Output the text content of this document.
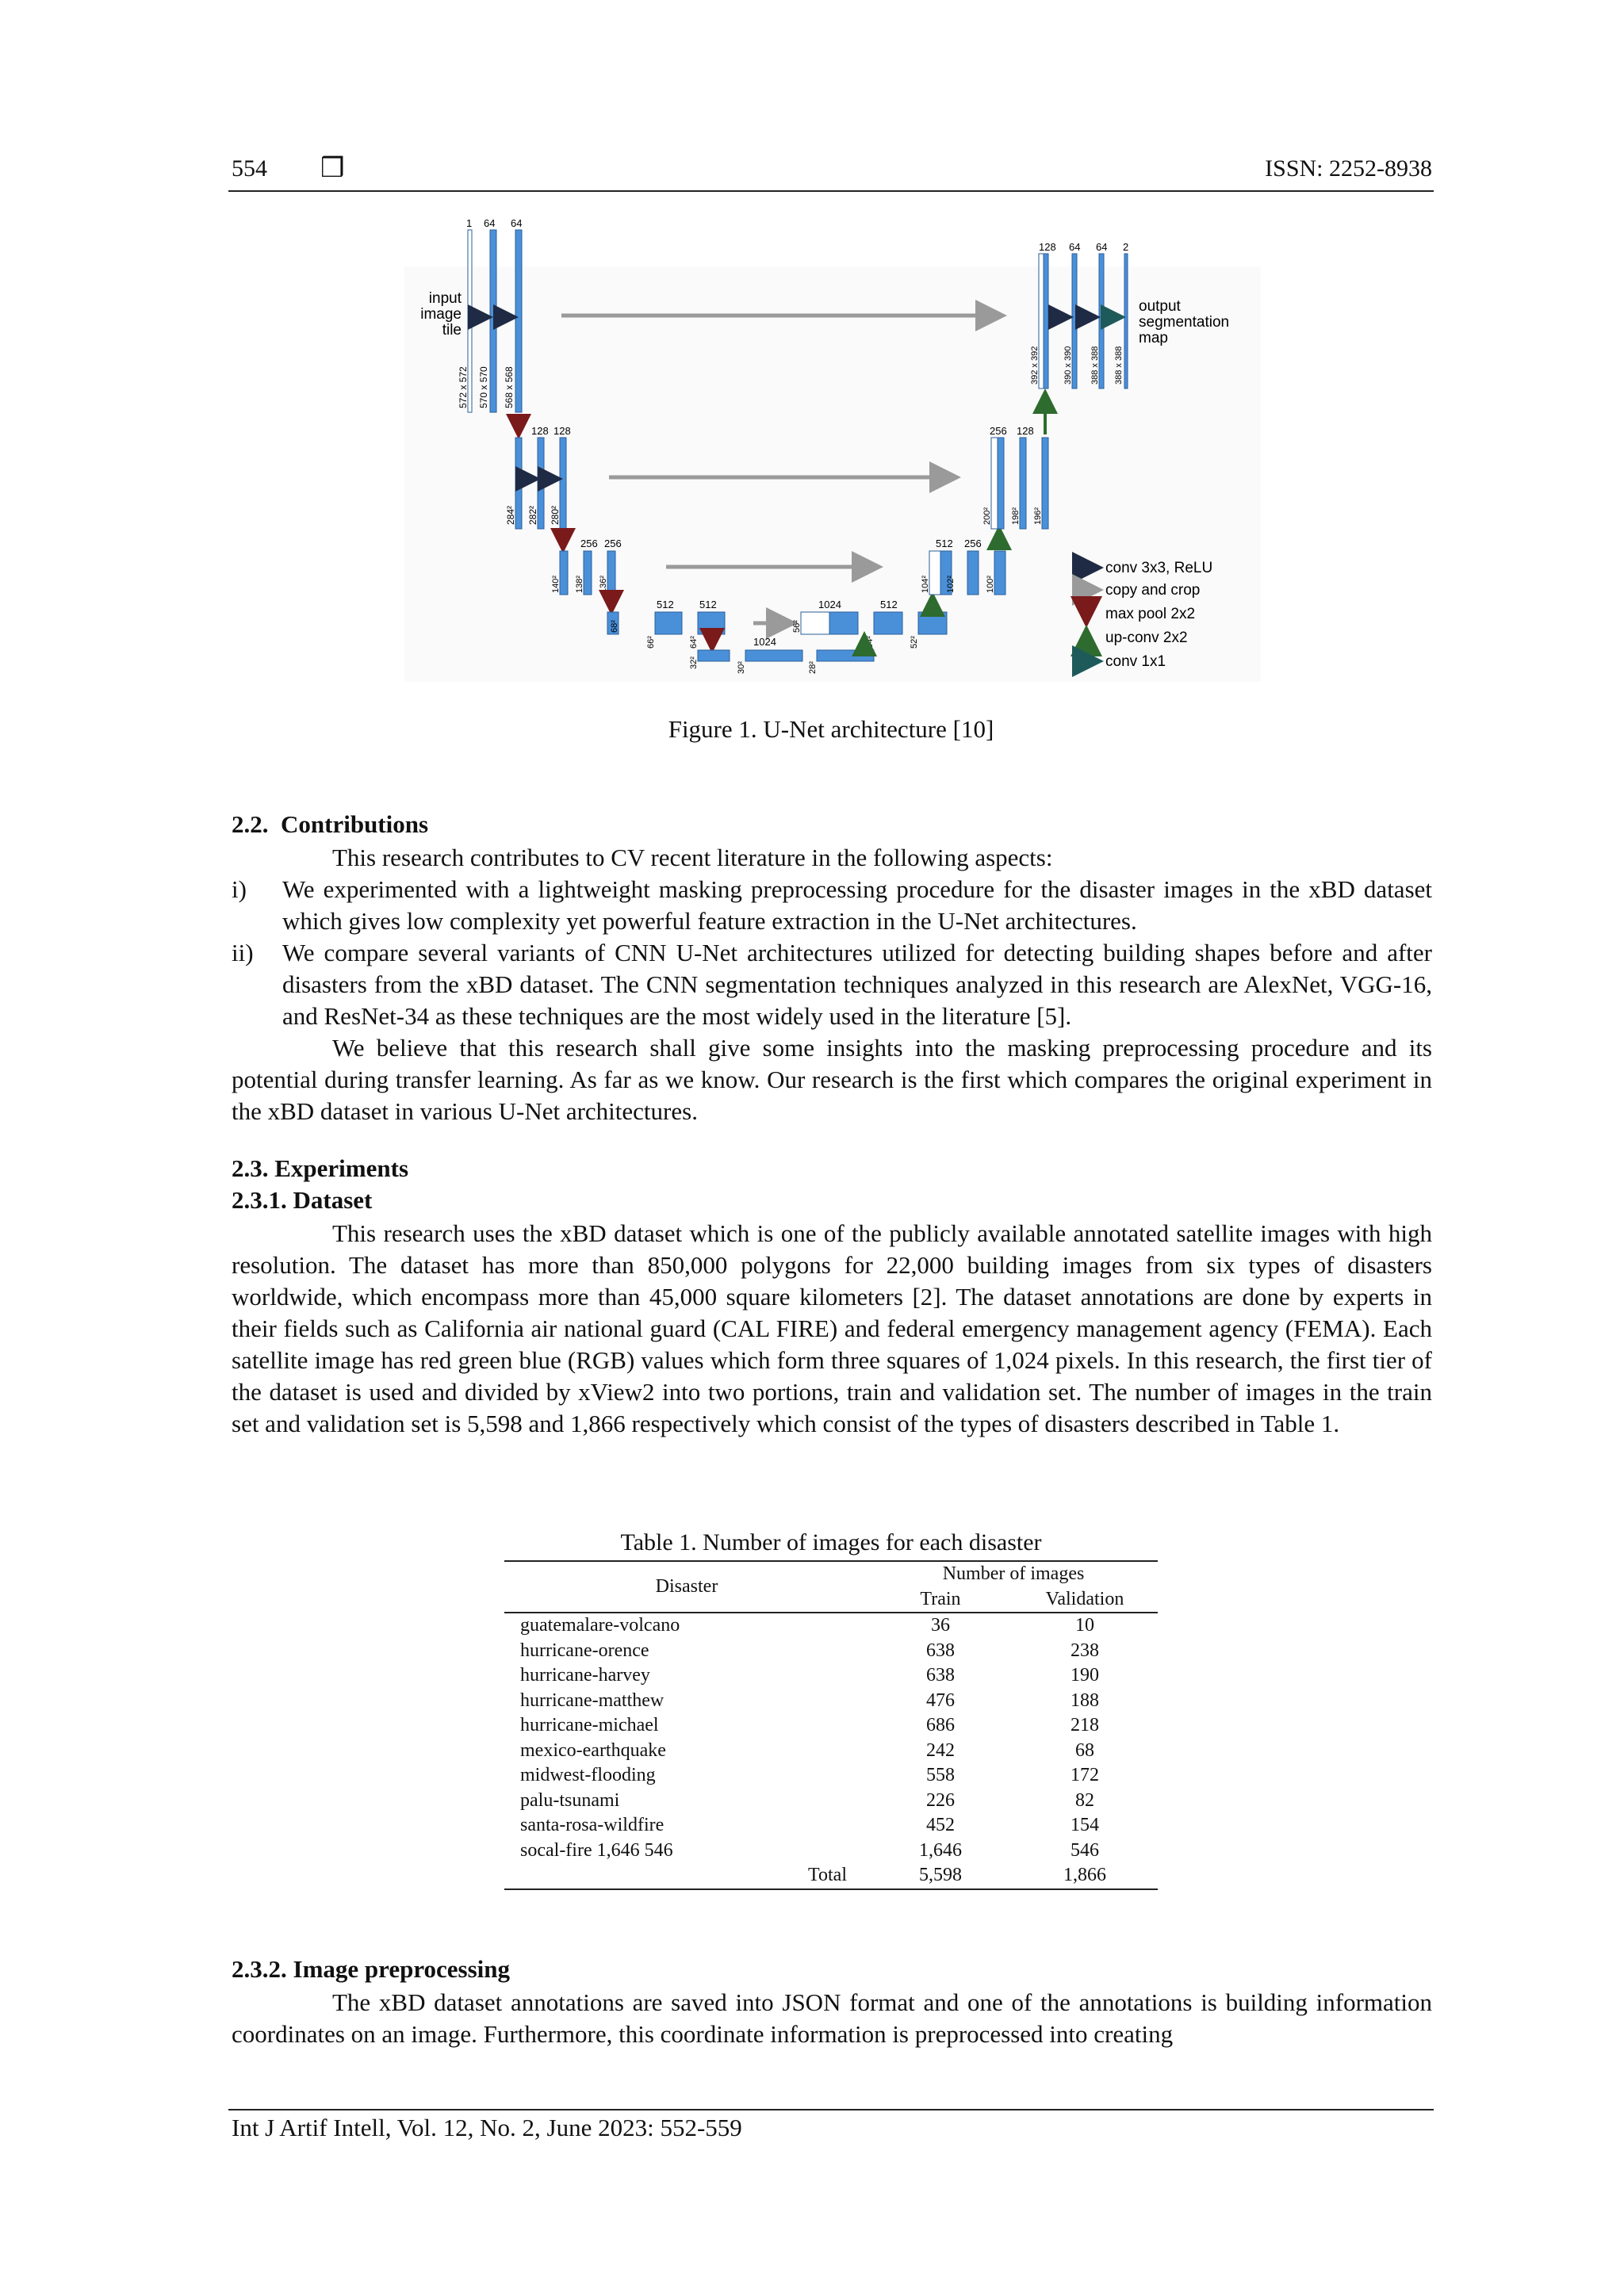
554 ❒	ISSN: 2252-8938
1 64 64
input
image
tile
572 x 572 570 x 570 568 x 568
128 128
284² 282² 280²
256 256
140² 138² 136²
512 512
68²
66²	64²	1024
32²	30²	28²
1024	512
56²
54²	52²
512 256
104² 102²	100²
256 128
200² 198² 196²
128 64 64 2
392 x 392	390 x 390 388 x 388 388 x 388
output
segmentation
map
conv 3x3, ReLU
copy and crop
max pool 2x2
up-conv 2x2
conv 1x1
Figure 1. U-Net architecture [10]
2.2. Contributions
This research contributes to CV recent literature in the following aspects:
i) We experimented with a lightweight masking preprocessing procedure for the disaster images in the xBD dataset which gives low complexity yet powerful feature extraction in the U-Net architectures.
ii) We compare several variants of CNN U-Net architectures utilized for detecting building shapes before and after disasters from the xBD dataset. The CNN segmentation techniques analyzed in this research are AlexNet, VGG-16, and ResNet-34 as these techniques are the most widely used in the literature [5].
We believe that this research shall give some insights into the masking preprocessing procedure and its potential during transfer learning. As far as we know. Our research is the first which compares the original experiment in the xBD dataset in various U-Net architectures.
2.3. Experiments
2.3.1. Dataset
This research uses the xBD dataset which is one of the publicly available annotated satellite images with high resolution. The dataset has more than 850,000 polygons for 22,000 building images from six types of disasters worldwide, which encompass more than 45,000 square kilometers [2]. The dataset annotations are done by experts in their fields such as California air national guard (CAL FIRE) and federal emergency management agency (FEMA). Each satellite image has red green blue (RGB) values which form three squares of 1,024 pixels. In this research, the first tier of the dataset is used and divided by xView2 into two portions, train and validation set. The number of images in the train set and validation set is 5,598 and 1,866 respectively which consist of the types of disasters described in Table 1.
Table 1. Number of images for each disaster
Disaster	Number of images	
	Train	Validation
guatemalare-volcano	36	10
hurricane-orence	638	238
hurricane-harvey	638	190
hurricane-matthew	476	188
hurricane-michael	686	218
mexico-earthquake	242	68
midwest-flooding	558	172
palu-tsunami	226	82
santa-rosa-wildfire	452	154
socal-fire 1,646 546	1,646	546
Total	5,598	1,866
2.3.2. Image preprocessing
The xBD dataset annotations are saved into JSON format and one of the annotations is building information coordinates on an image. Furthermore, this coordinate information is preprocessed into creating
Int J Artif Intell, Vol. 12, No. 2, June 2023: 552-559
